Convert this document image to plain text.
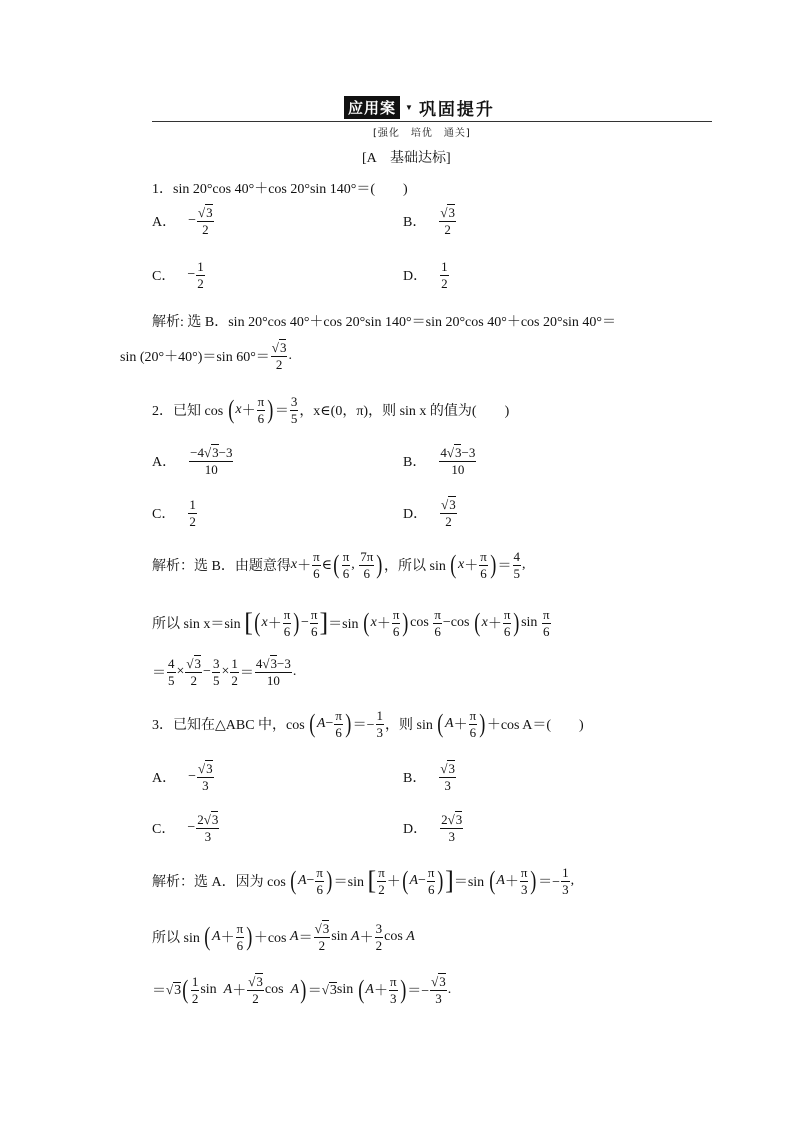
应用案	▼ 巩固提升
[强化　培优　通关]
[A　基础达标]
1．sin 20°cos 40°＋cos 20°sin 140°＝(　　)
A． − $\frac{√3}{2}$	B． $\frac{√3}{2}$
C． − $\frac{1}{2}$	D． $\frac{1}{2}$
解析: 选 B．sin 20°cos 40°＋cos 20°sin 140°＝sin 20°cos 40°＋cos 20°sin 40°＝
sin (20°＋40°)＝sin $60^\circ= \frac{√3}{2}$ .
2．已知 cos
( $x + \frac{\pi}{6}$ ) ＝ $\frac{3}{5}$ ，x∈(0，π)，则 sin x 的值为(　　)
A． $\frac{-4√3-3}{10}$	B． $\frac{4√3-3}{10}$
C． $\frac{1}{2}$	D． $\frac{√3}{2}$
解析：选 B．由题意得 $x + \frac{\pi}{6}$ ∈ ( $\frac{\pi}{6}$ , $\frac{7\pi}{6}$ ) ，所以 sin
( $x + \frac{\pi}{6}$ ) ＝ $\frac{4}{5}$ ,
所以 sin x＝sin
[ ( $x + \frac{\pi}{6}$ ) − $\frac{\pi}{6}$ ] ＝sin ( $x + \frac{\pi}{6}$ ) $\cos \frac{\pi}{6} -\cos$ ( $x + \frac{\pi}{6}$ ) $\sin \frac{\pi}{6}$
＝ $\frac{4}{5} \times \frac{√3}{2} - \frac{3}{5} \times \frac{1}{2} = \frac{4√3-3}{10}$ .
3．已知在△ABC 中，cos
( $A - \frac{\pi}{6}$ ) ＝− $\frac{1}{3}$ ，则 sin
( $A + \frac{\pi}{6}$ ) ＋cos A＝(　　)
A． − $\frac{√3}{3}$	B． $\frac{√3}{3}$
C． − $\frac{2√3}{3}$	D． $\frac{2√3}{3}$
解析：选 A．因为 cos
( $A - \frac{\pi}{6}$ ) ＝sin [ $\frac{\pi}{2}$ ＋ ( $A - \frac{\pi}{6}$ ) ] ＝sin ( $A + \frac{\pi}{3}$ ) ＝− $\frac{1}{3}$ ,
所以 sin
( $A + \frac{\pi}{6}$ ) ＋cos $A = \frac{√3}{2}$ $\sin A + \frac{3}{2}$ cos A
＝ √ 3 ( $\frac{1}{2}$ $\sin A + \frac{√3}{2}$ cos A ) ＝ √ 3 sin ( $A + \frac{\pi}{3}$ ) ＝− $\frac{√3}{3}$ .
